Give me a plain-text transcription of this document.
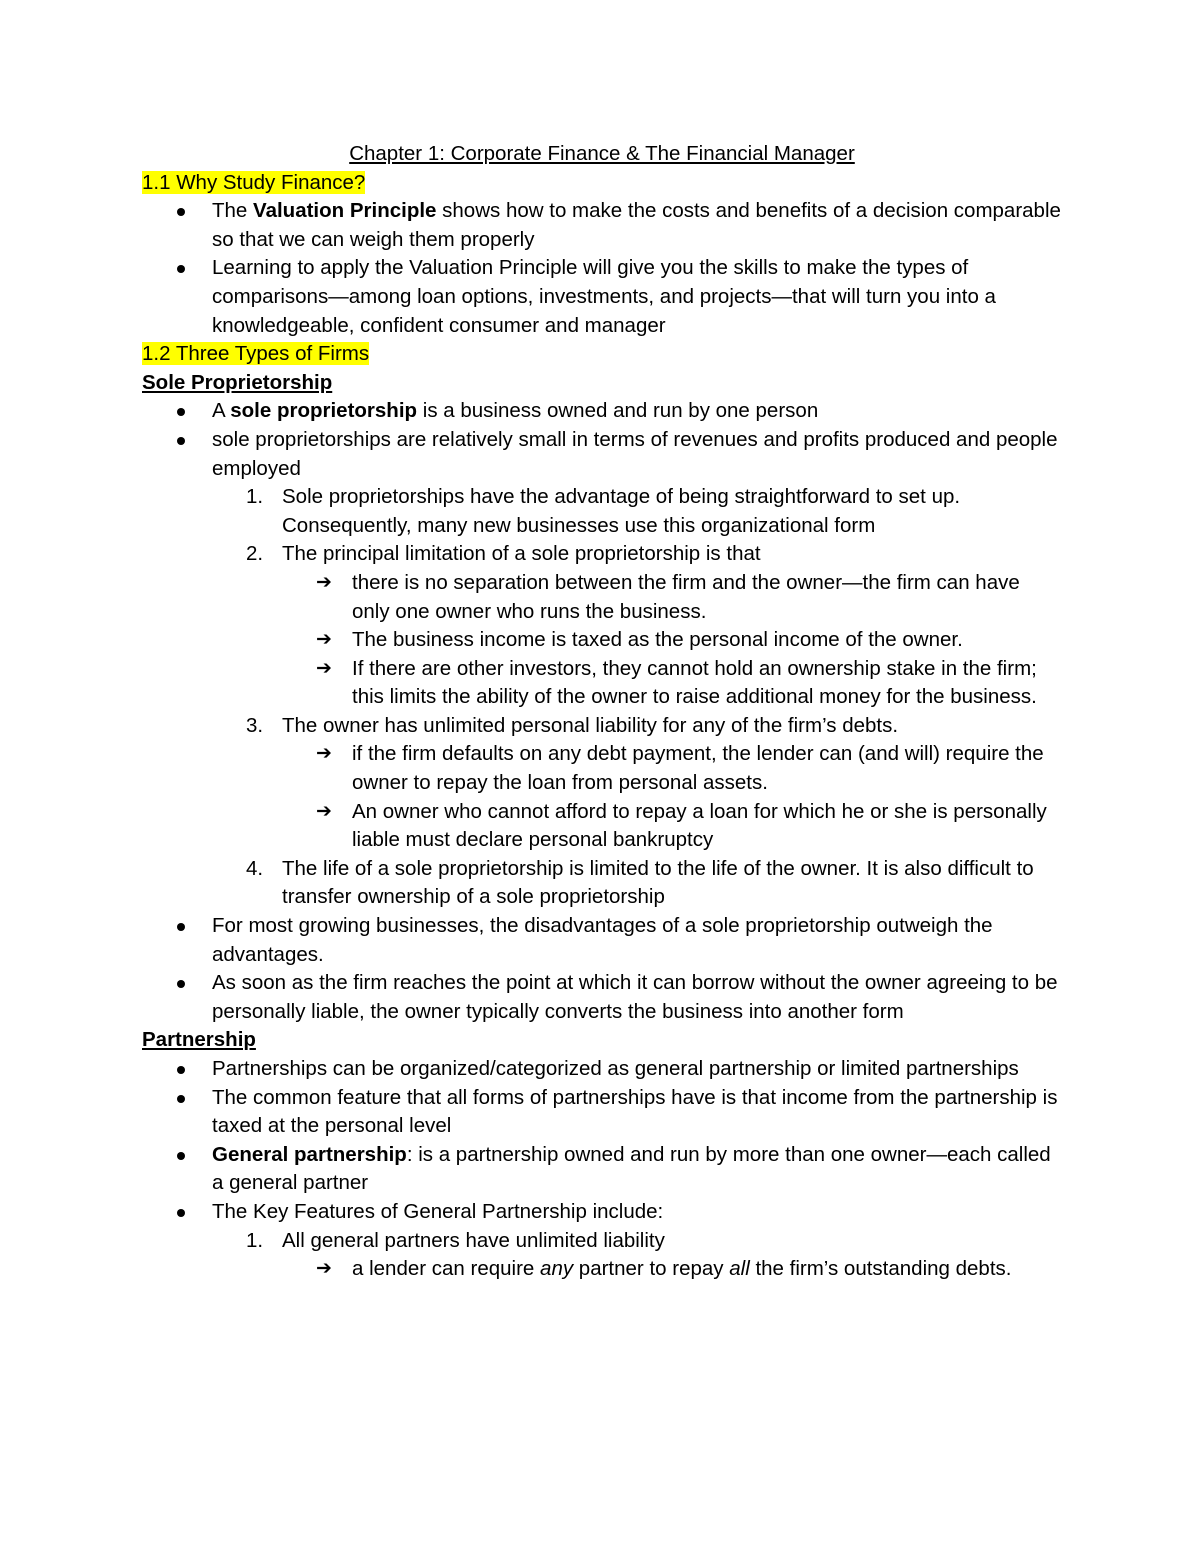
Chapter 1: Corporate Finance & The Financial Manager
1.1 Why Study Finance?
The Valuation Principle shows how to make the costs and benefits of a decision comparable so that we can weigh them properly
Learning to apply the Valuation Principle will give you the skills to make the types of comparisons—among loan options, investments, and projects—that will turn you into a knowledgeable, confident consumer and manager
1.2 Three Types of Firms
Sole Proprietorship
A sole proprietorship is a business owned and run by one person
sole proprietorships are relatively small in terms of revenues and profits produced and people employed
1. Sole proprietorships have the advantage of being straightforward to set up. Consequently, many new businesses use this organizational form
2. The principal limitation of a sole proprietorship is that
➔ there is no separation between the firm and the owner—the firm can have only one owner who runs the business.
➔ The business income is taxed as the personal income of the owner.
➔ If there are other investors, they cannot hold an ownership stake in the firm; this limits the ability of the owner to raise additional money for the business.
3. The owner has unlimited personal liability for any of the firm’s debts.
➔ if the firm defaults on any debt payment, the lender can (and will) require the owner to repay the loan from personal assets.
➔ An owner who cannot afford to repay a loan for which he or she is personally liable must declare personal bankruptcy
4. The life of a sole proprietorship is limited to the life of the owner. It is also difficult to transfer ownership of a sole proprietorship
For most growing businesses, the disadvantages of a sole proprietorship outweigh the advantages.
As soon as the firm reaches the point at which it can borrow without the owner agreeing to be personally liable, the owner typically converts the business into another form
Partnership
Partnerships can be organized/categorized as general partnership or limited partnerships
The common feature that all forms of partnerships have is that income from the partnership is taxed at the personal level
General partnership: is a partnership owned and run by more than one owner—each called a general partner
The Key Features of General Partnership include:
1. All general partners have unlimited liability
➔ a lender can require any partner to repay all the firm’s outstanding debts.
